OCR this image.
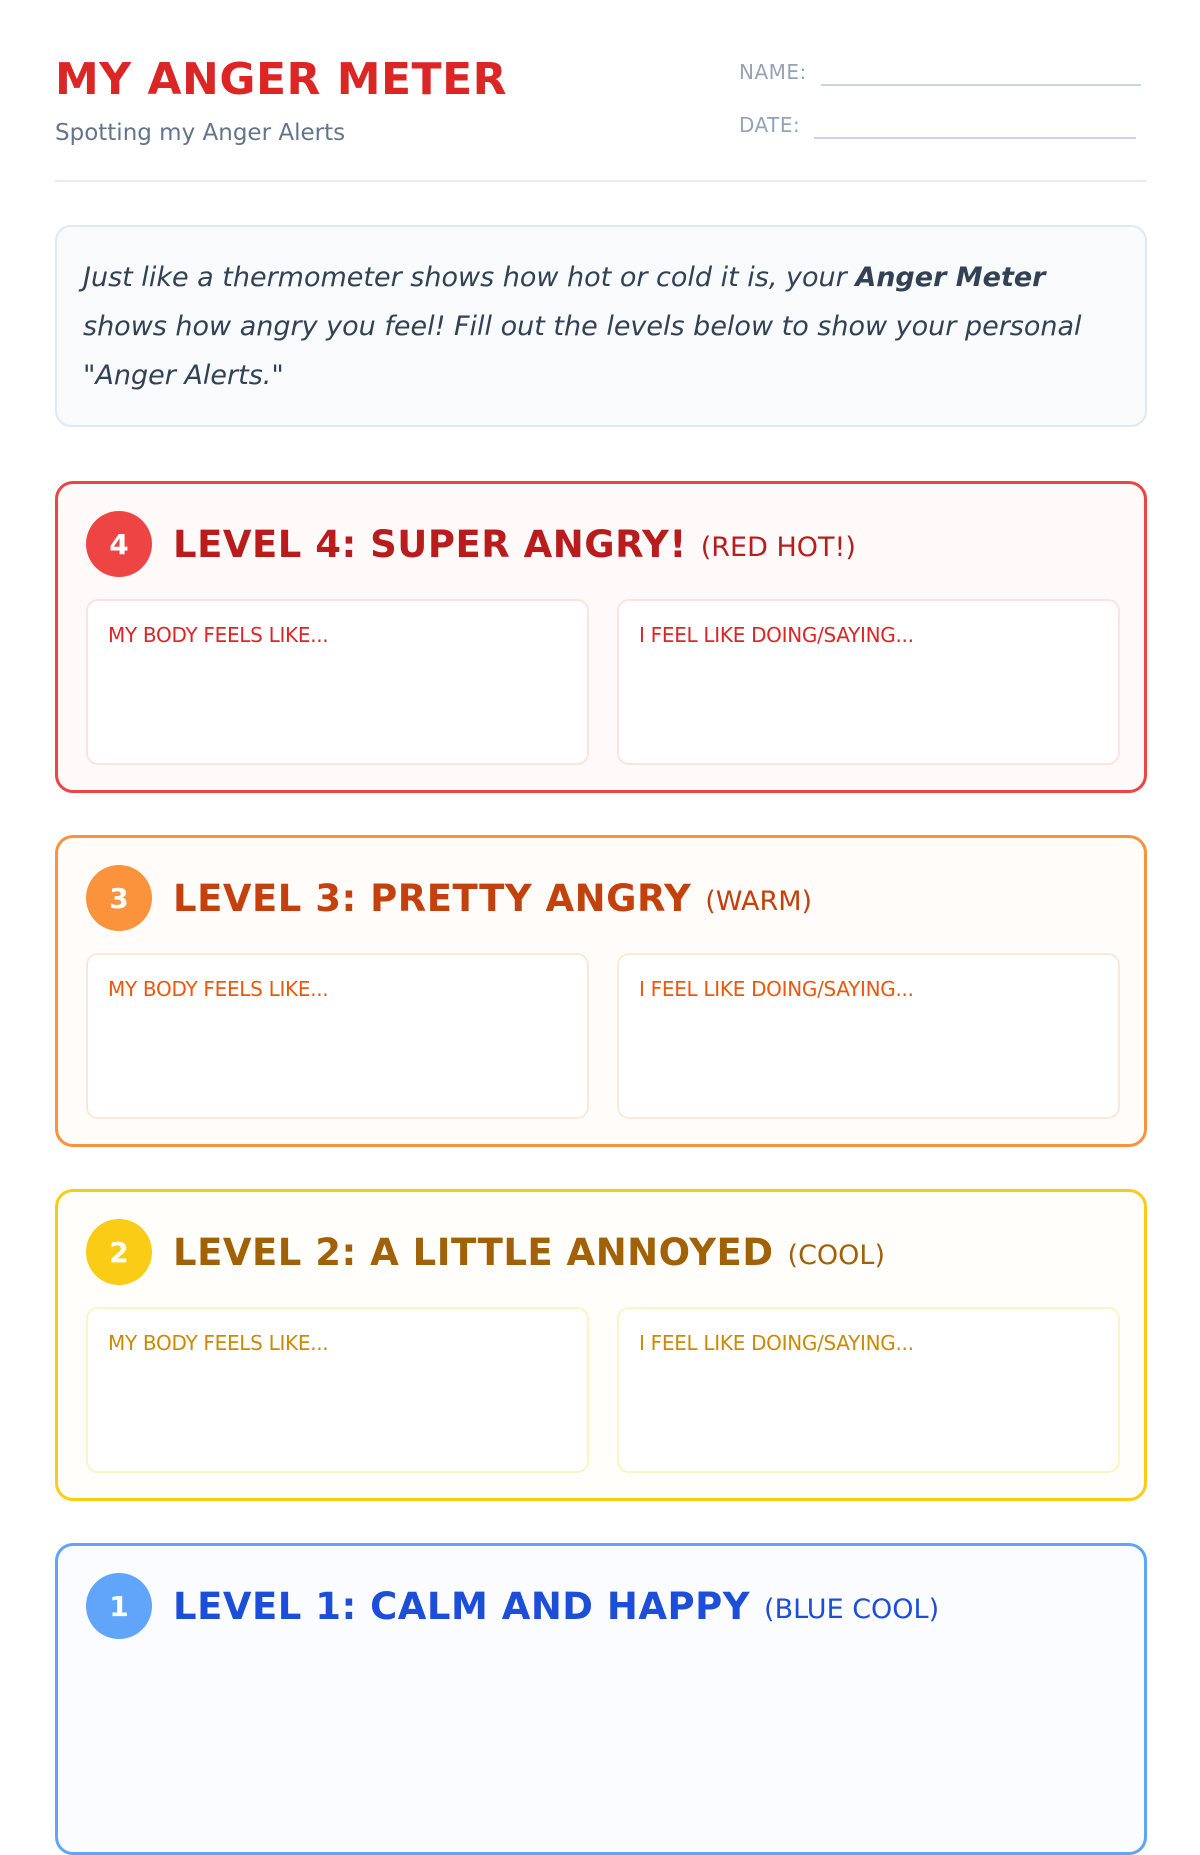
MY ANGER METER
Spotting my Anger Alerts
NAME:
DATE:
Just like a thermometer shows how hot or cold it is, your Anger Meter shows how angry you feel! Fill out the levels below to show your personal "Anger Alerts."
4	LEVEL 4: SUPER ANGRY! (RED HOT!)
MY BODY FEELS LIKE...	I FEEL LIKE DOING/SAYING...
3	LEVEL 3: PRETTY ANGRY (WARM)
MY BODY FEELS LIKE...	I FEEL LIKE DOING/SAYING...
2	LEVEL 2: A LITTLE ANNOYED (COOL)
MY BODY FEELS LIKE...	I FEEL LIKE DOING/SAYING...
1	LEVEL 1: CALM AND HAPPY (BLUE COOL)
